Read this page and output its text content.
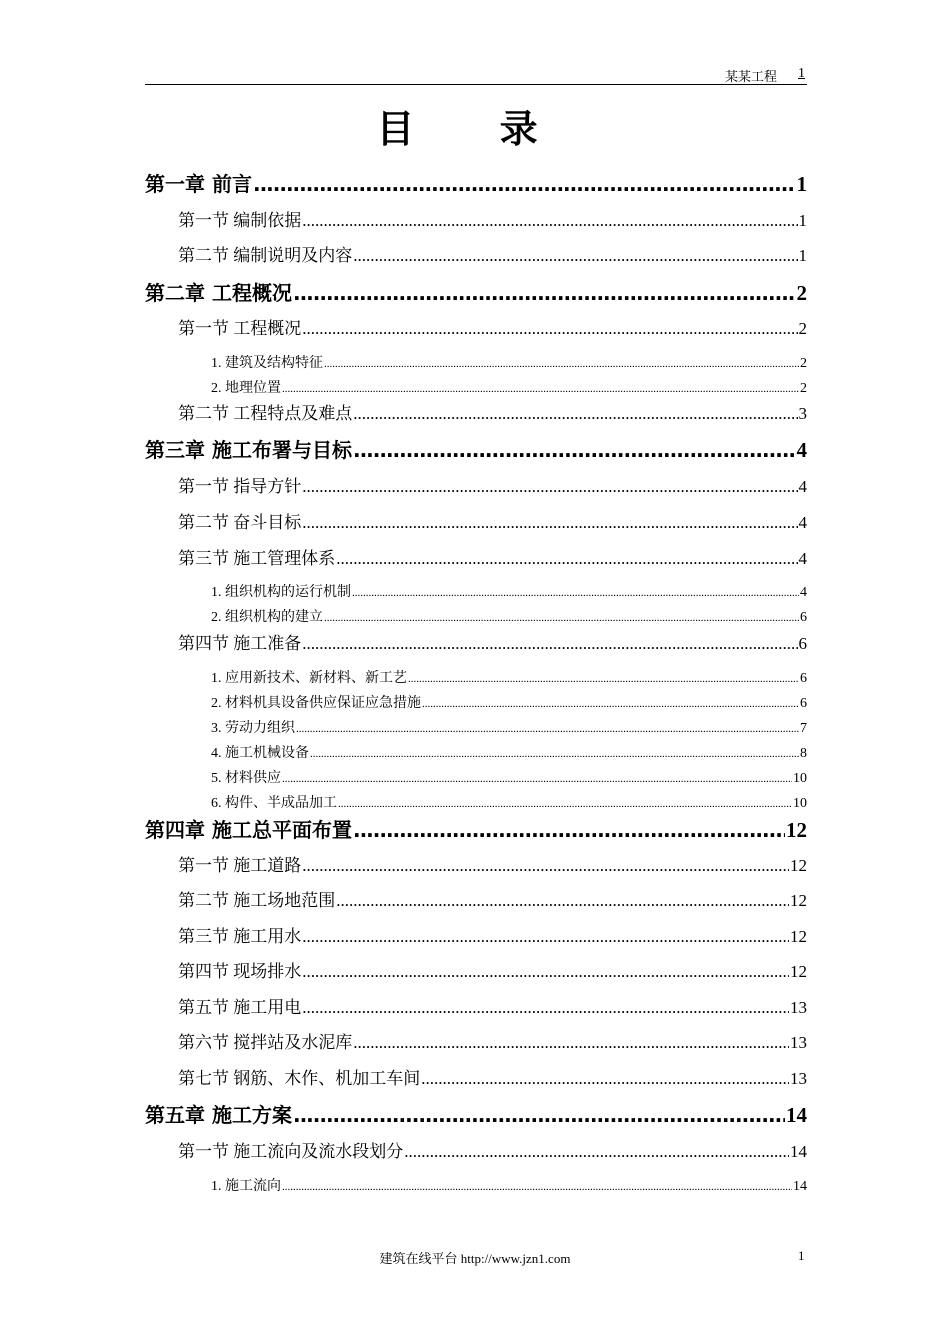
某某工程 1
目 录
第一章 前言 .....	1
第一节 编制依据 .....	1
第二节 编制说明及内容 .....	1
第二章 工程概况 .....	2
第一节 工程概况 .....	2
1. 建筑及结构特征 .....	2
2. 地理位置 .....	2
第二节 工程特点及难点 .....	3
第三章 施工布署与目标 .....	4
第一节 指导方针 .....	4
第二节 奋斗目标 .....	4
第三节 施工管理体系 .....	4
1. 组织机构的运行机制 .....	4
2. 组织机构的建立 .....	6
第四节 施工准备 .....	6
1. 应用新技术、新材料、新工艺 .....	6
2. 材料机具设备供应保证应急措施 .....	6
3. 劳动力组织 .....	7
4. 施工机械设备 .....	8
5. 材料供应 .....	10
6. 构件、半成品加工 .....	10
第四章 施工总平面布置 .....	12
第一节 施工道路 .....	12
第二节 施工场地范围 .....	12
第三节 施工用水 .....	12
第四节 现场排水 .....	12
第五节 施工用电 .....	13
第六节 搅拌站及水泥库 .....	13
第七节 钢筋、木作、机加工车间 .....	13
第五章 施工方案 .....	14
第一节 施工流向及流水段划分 .....	14
1. 施工流向 .....	14
建筑在线平台 http://www.jzn1.com	1
